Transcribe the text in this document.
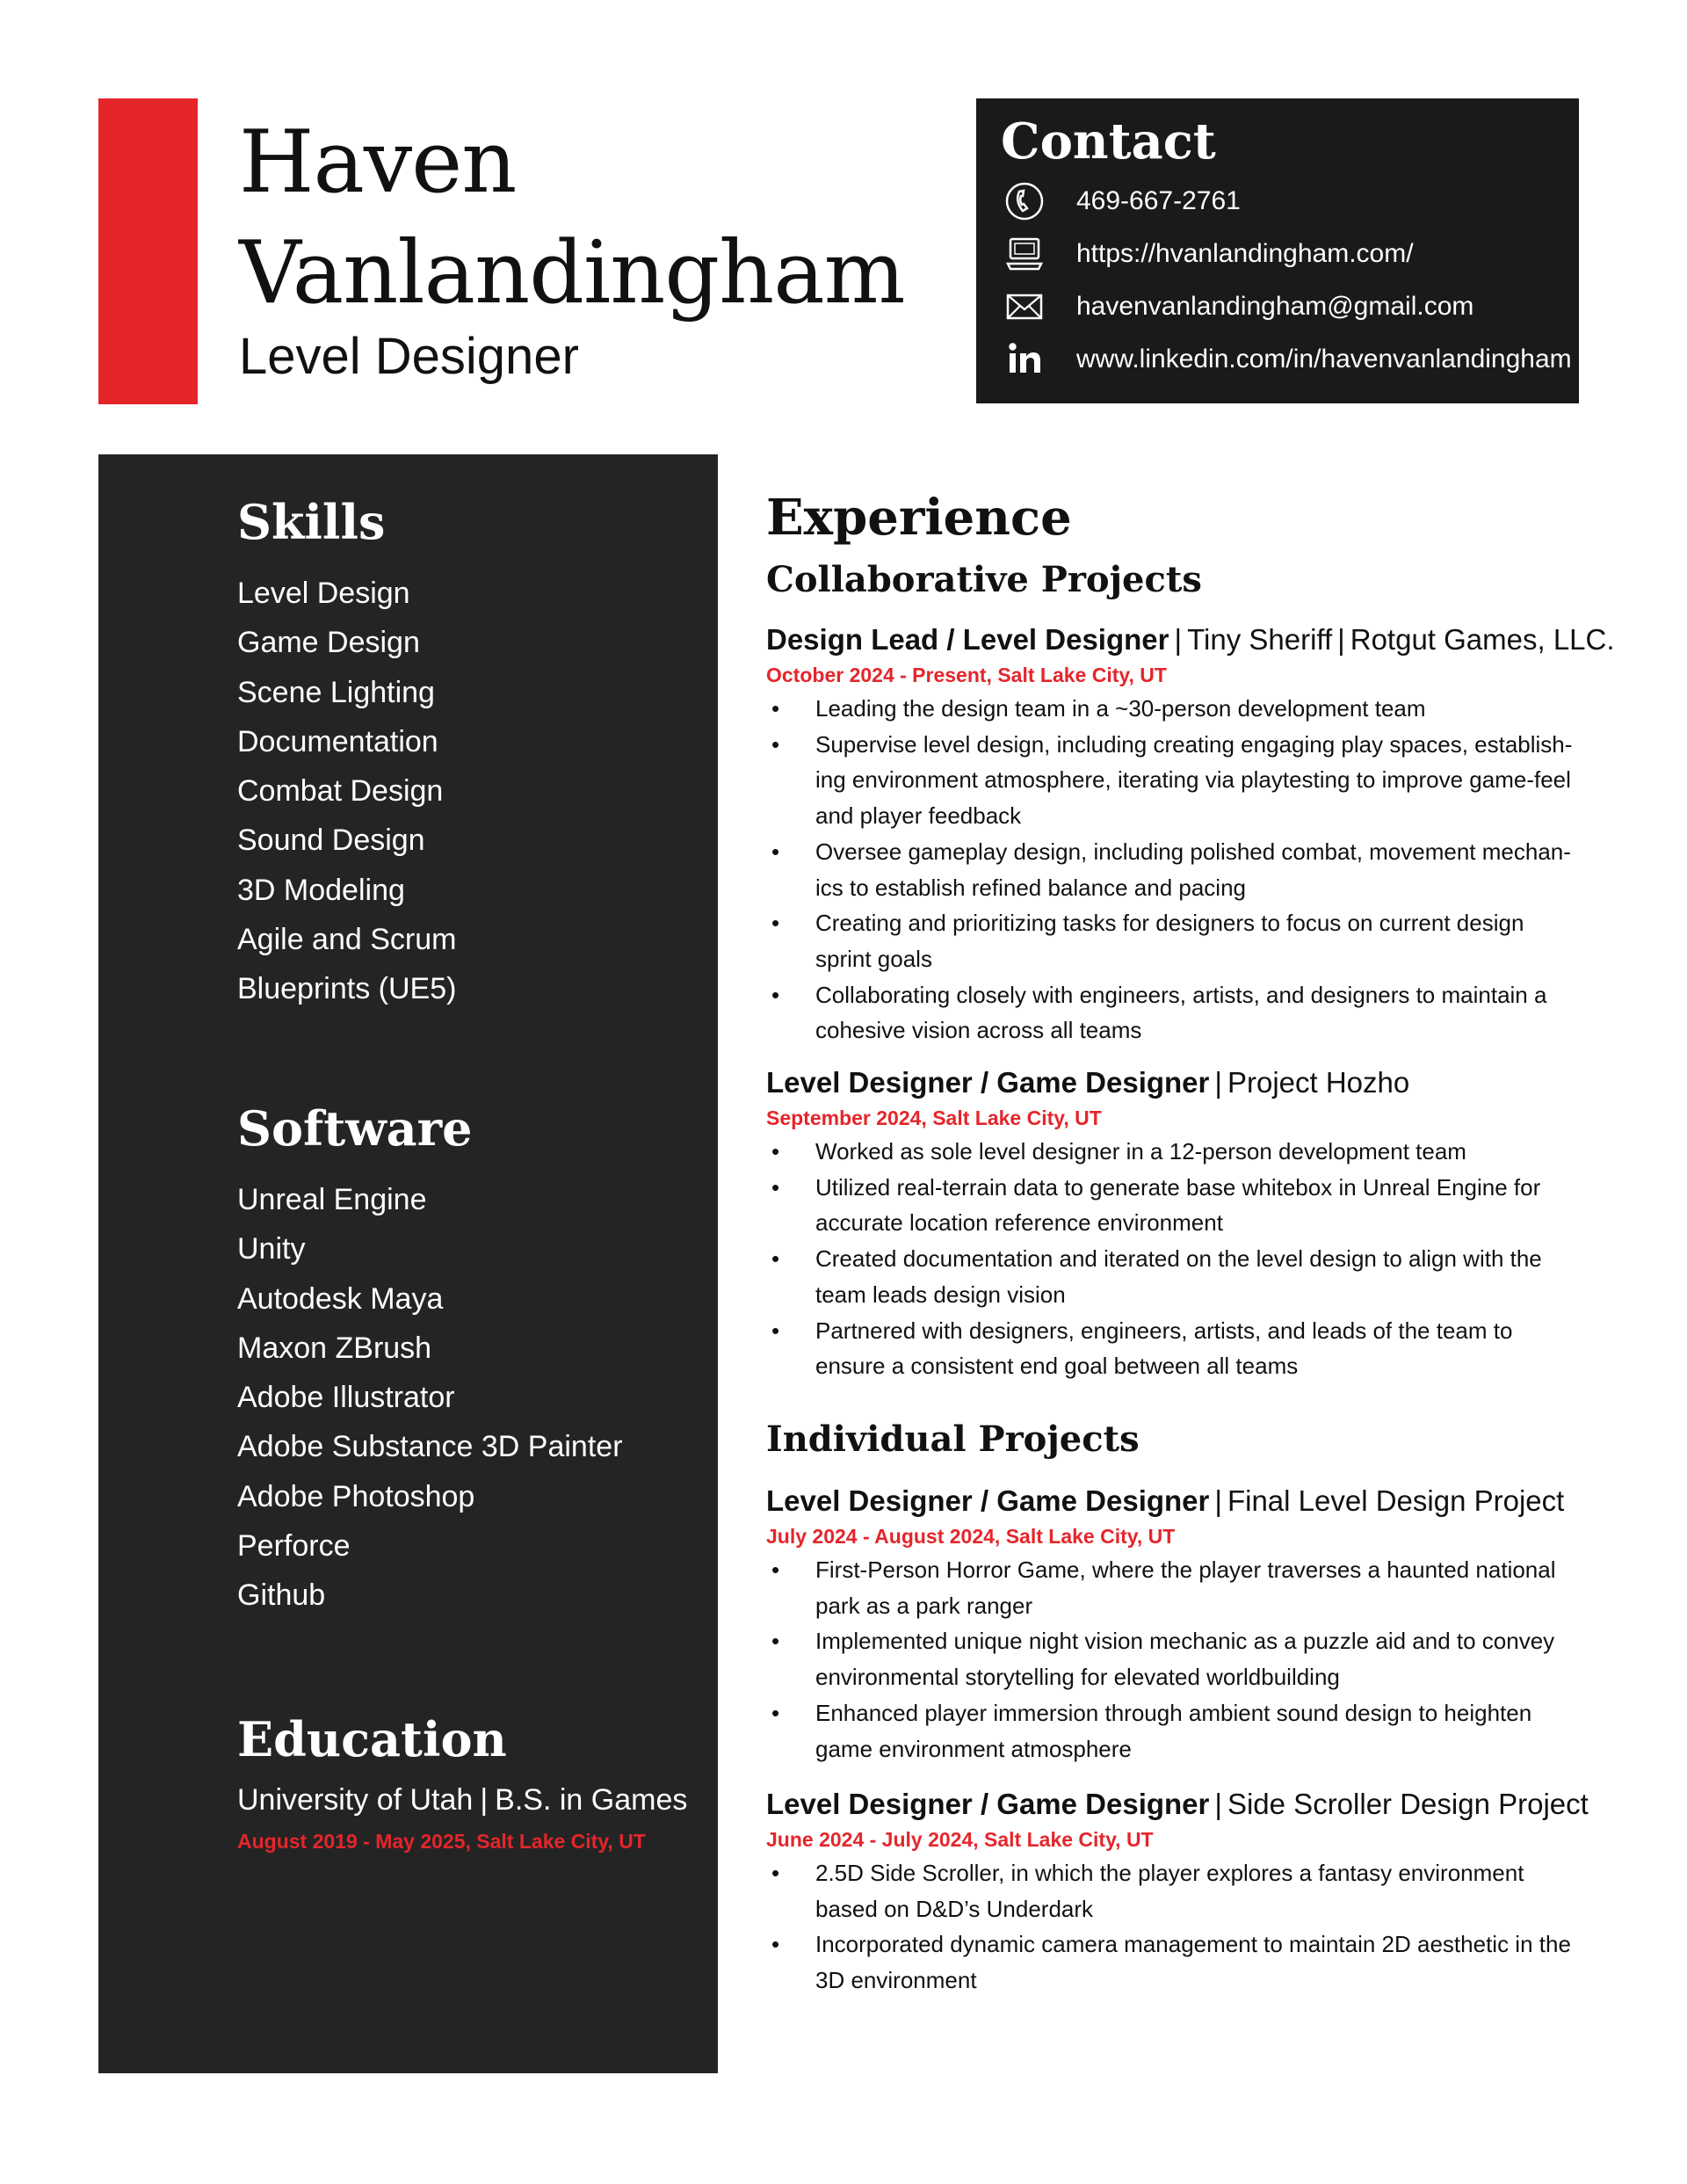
Haven
Vanlandingham
Level Designer
Contact
469-667-2761
https://hvanlandingham.com/
havenvanlandingham@gmail.com
www.linkedin.com/in/havenvanlandingham
Skills
Level Design
Game Design
Scene Lighting
Documentation
Combat Design
Sound Design
3D Modeling
Agile and Scrum
Blueprints (UE5)
Software
Unreal Engine
Unity
Autodesk Maya
Maxon ZBrush
Adobe Illustrator
Adobe Substance 3D Painter
Adobe Photoshop
Perforce
Github
Education
University of Utah | B.S. in Games
August 2019 - May 2025, Salt Lake City, UT
Experience
Collaborative Projects
Design Lead / Level Designer | Tiny Sheriff | Rotgut Games, LLC.
October 2024 - Present, Salt Lake City, UT
• Leading the design team in a ~30-person development team
• Supervise level design, including creating engaging play spaces, establish-ing environment atmosphere, iterating via playtesting to improve game-feel and player feedback
• Oversee gameplay design, including polished combat, movement mechan-ics to establish refined balance and pacing
• Creating and prioritizing tasks for designers to focus on current design sprint goals
• Collaborating closely with engineers, artists, and designers to maintain a cohesive vision across all teams
Level Designer / Game Designer | Project Hozho
September 2024, Salt Lake City, UT
• Worked as sole level designer in a 12-person development team
• Utilized real-terrain data to generate base whitebox in Unreal Engine for accurate location reference environment
• Created documentation and iterated on the level design to align with the team leads design vision
• Partnered with designers, engineers, artists, and leads of the team to ensure a consistent end goal between all teams
Individual Projects
Level Designer / Game Designer | Final Level Design Project
July 2024 - August 2024, Salt Lake City, UT
• First-Person Horror Game, where the player traverses a haunted national park as a park ranger
• Implemented unique night vision mechanic as a puzzle aid and to convey environmental storytelling for elevated worldbuilding
• Enhanced player immersion through ambient sound design to heighten game environment atmosphere
Level Designer / Game Designer | Side Scroller Design Project
June 2024 - July 2024, Salt Lake City, UT
• 2.5D Side Scroller, in which the player explores a fantasy environment based on D&D’s Underdark
• Incorporated dynamic camera management to maintain 2D aesthetic in the 3D environment
